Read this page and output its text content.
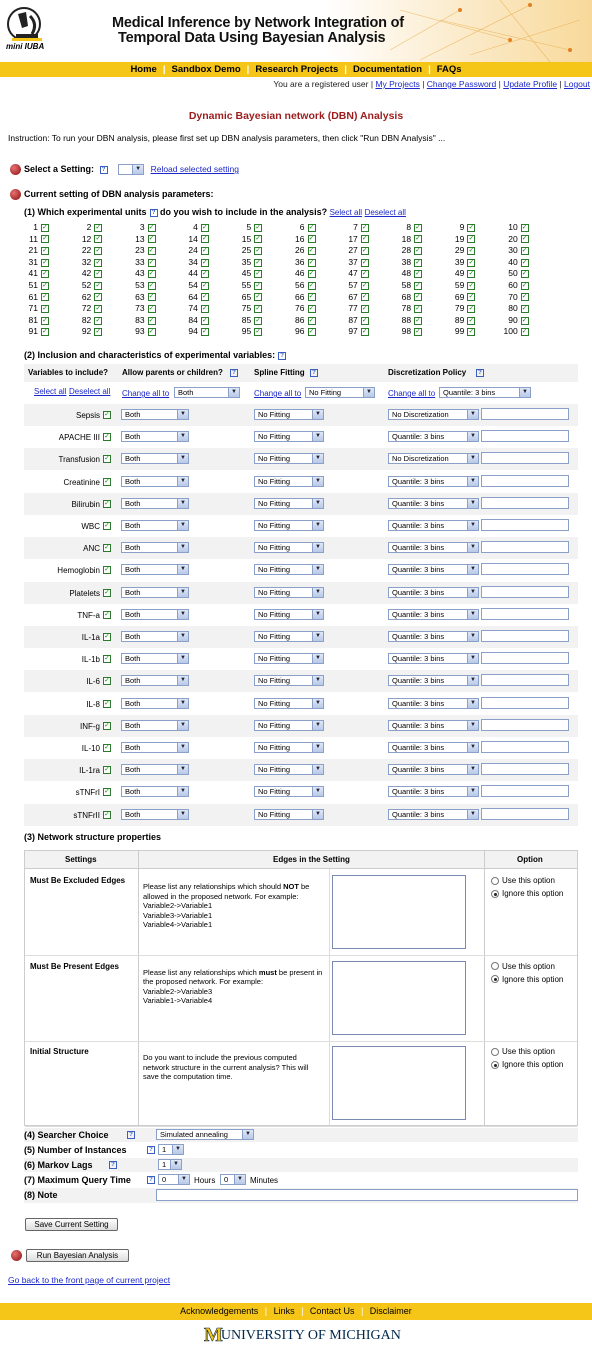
mini IUBA
Medical Inference by Network Integration of
Temporal Data Using Bayesian Analysis
Home | Sandbox Demo | Research Projects | Documentation | FAQs
You are a registered user | My Projects | Change Password | Update Profile | Logout
Dynamic Bayesian network (DBN) Analysis
Instruction: To run your DBN analysis, please first set up DBN analysis parameters, then click "Run DBN Analysis" ...
Select a Setting: ?	▼ Reload selected setting
Current setting of DBN analysis parameters:
(1) Which experimental units ? do you wish to include in the analysis? Select all Deselect all
1 ✓	2 ✓	3 ✓	4 ✓	5 ✓	6 ✓	7 ✓	8 ✓	9 ✓	10 ✓
11 ✓	12 ✓	13 ✓	14 ✓	15 ✓	16 ✓	17 ✓	18 ✓	19 ✓	20 ✓
21 ✓	22 ✓	23 ✓	24 ✓	25 ✓	26 ✓	27 ✓	28 ✓	29 ✓	30 ✓
31 ✓	32 ✓	33 ✓	34 ✓	35 ✓	36 ✓	37 ✓	38 ✓	39 ✓	40 ✓
41 ✓	42 ✓	43 ✓	44 ✓	45 ✓	46 ✓	47 ✓	48 ✓	49 ✓	50 ✓
51 ✓	52 ✓	53 ✓	54 ✓	55 ✓	56 ✓	57 ✓	58 ✓	59 ✓	60 ✓
61 ✓	62 ✓	63 ✓	64 ✓	65 ✓	66 ✓	67 ✓	68 ✓	69 ✓	70 ✓
71 ✓	72 ✓	73 ✓	74 ✓	75 ✓	76 ✓	77 ✓	78 ✓	79 ✓	80 ✓
81 ✓	82 ✓	83 ✓	84 ✓	85 ✓	86 ✓	87 ✓	88 ✓	89 ✓	90 ✓
91 ✓	92 ✓	93 ✓	94 ✓	95 ✓	96 ✓	97 ✓	98 ✓	99 ✓	100 ✓
(2) Inclusion and characteristics of experimental variables: ?
Variables to include? Allow parents or children?	? Spline Fitting	?	Discretization Policy	?
Select all Deselect all Change all to	Both	▼ Change all to	No Fitting	▼ Change all to	Quantile: 3 bins	▼
Sepsis ✓	Both	▼	No Fitting	▼	No Discretization	▼
APACHE III ✓	Both	▼	No Fitting	▼	Quantile: 3 bins	▼
Transfusion ✓	Both	▼	No Fitting	▼	No Discretization	▼
Creatinine ✓	Both	▼	No Fitting	▼	Quantile: 3 bins	▼
Bilirubin ✓	Both	▼	No Fitting	▼	Quantile: 3 bins	▼
WBC ✓	Both	▼	No Fitting	▼	Quantile: 3 bins	▼
ANC ✓	Both	▼	No Fitting	▼	Quantile: 3 bins	▼
Hemoglobin ✓	Both	▼	No Fitting	▼	Quantile: 3 bins	▼
Platelets ✓	Both	▼	No Fitting	▼	Quantile: 3 bins	▼
TNF-a ✓	Both	▼	No Fitting	▼	Quantile: 3 bins	▼
IL-1a ✓	Both	▼	No Fitting	▼	Quantile: 3 bins	▼
IL-1b ✓	Both	▼	No Fitting	▼	Quantile: 3 bins	▼
IL-6 ✓	Both	▼	No Fitting	▼	Quantile: 3 bins	▼
IL-8 ✓	Both	▼	No Fitting	▼	Quantile: 3 bins	▼
INF-g ✓	Both	▼	No Fitting	▼	Quantile: 3 bins	▼
IL-10 ✓	Both	▼	No Fitting	▼	Quantile: 3 bins	▼
IL-1ra ✓	Both	▼	No Fitting	▼	Quantile: 3 bins	▼
sTNFrI ✓	Both	▼	No Fitting	▼	Quantile: 3 bins	▼
sTNFrII ✓	Both	▼	No Fitting	▼	Quantile: 3 bins	▼
(3) Network structure properties
Settings	Edges in the Setting	Option
Must Be Excluded Edges
Please list any relationships which should NOT be allowed in the proposed network. For example:
Variable2->Variable1
Variable3->Variable1
Variable4->Variable1
Use this option
Ignore this option
Must Be Present Edges
Please list any relationships which must be present in the proposed network. For example:
Variable2->Variable3
Variable1->Variable4
Use this option
Ignore this option
Initial Structure
Do you want to include the previous computed network structure in the current analysis? This will save the computation time.
Use this option
Ignore this option
(4) Searcher Choice	?	Simulated annealing	▼
(5) Number of Instances	?	1	▼
(6) Markov Lags	?	1	▼
(7) Maximum Query Time	?	0	▼ Hours	0	▼ Minutes
(8) Note
Save Current Setting
Run Bayesian Analysis
Go back to the front page of current project
Acknowledgements | Links | Contact Us | Disclaimer
MUNIVERSITY OF MICHIGAN
